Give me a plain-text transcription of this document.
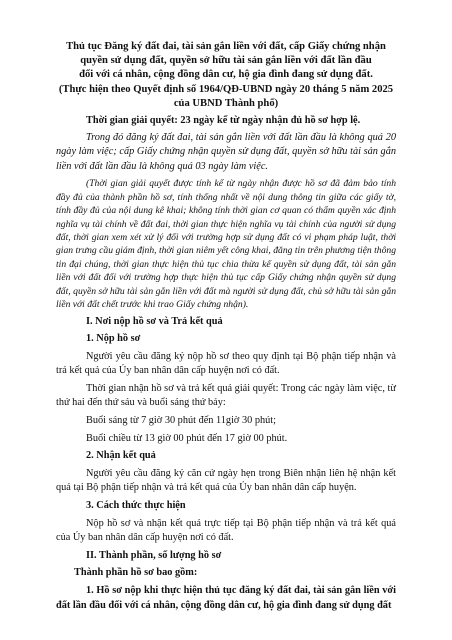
Thủ tục Đăng ký đất đai, tài sản gắn liền với đất, cấp Giấy chứng nhận
quyền sử dụng đất, quyền sở hữu tài sản gắn liền với đất lần đầu
đối với cá nhân, cộng đồng dân cư, hộ gia đình đang sử dụng đất.
(Thực hiện theo Quyết định số 1964/QĐ-UBND ngày 20 tháng 5 năm 2025
của UBND Thành phố)
Thời gian giải quyết: 23 ngày kể từ ngày nhận đủ hồ sơ hợp lệ.
Trong đó đăng ký đất đai, tài sản gắn liền với đất lần đầu là không quá 20 ngày làm việc; cấp Giấy chứng nhận quyền sử dụng đất, quyền sở hữu tài sản gắn liền với đất lần đầu là không quá 03 ngày làm việc.
(Thời gian giải quyết được tính kể từ ngày nhận được hồ sơ đã đảm bảo tính đầy đủ của thành phần hồ sơ, tính thống nhất về nội dung thông tin giữa các giấy tờ, tính đầy đủ của nội dung kê khai; không tính thời gian cơ quan có thẩm quyền xác định nghĩa vụ tài chính về đất đai, thời gian thực hiện nghĩa vụ tài chính của người sử dụng đất, thời gian xem xét xử lý đối với trường hợp sử dụng đất có vi phạm pháp luật, thời gian trưng cầu giám định, thời gian niêm yết công khai, đăng tin trên phương tiện thông tin đại chúng, thời gian thực hiện thủ tục chia thừa kế quyền sử dụng đất, tài sản gắn liền với đất đối với trường hợp thực hiện thủ tục cấp Giấy chứng nhận quyền sử dụng đất, quyền sở hữu tài sản gắn liền với đất mà người sử dụng đất, chủ sở hữu tài sản gắn liền với đất chết trước khi trao Giấy chứng nhận).
I. Nơi nộp hồ sơ và Trả kết quả
1. Nộp hồ sơ
Người yêu cầu đăng ký nộp hồ sơ theo quy định tại Bộ phận tiếp nhận và trả kết quả của Ủy ban nhân dân cấp huyện nơi có đất.
Thời gian nhận hồ sơ và trả kết quả giải quyết: Trong các ngày làm việc, từ thứ hai đến thứ sáu và buổi sáng thứ bảy:
Buổi sáng từ 7 giờ 30 phút đến 11giờ 30 phút;
Buổi chiều từ 13 giờ 00 phút đến 17 giờ 00 phút.
2. Nhận kết quả
Người yêu cầu đăng ký căn cứ ngày hẹn trong Biên nhận liên hệ nhận kết quả tại Bộ phận tiếp nhận và trả kết quả của Ủy ban nhân dân cấp huyện.
3. Cách thức thực hiện
Nộp hồ sơ và nhận kết quả trực tiếp tại Bộ phận tiếp nhận và trả kết quả của Ủy ban nhân dân cấp huyện nơi có đất.
II. Thành phần, số lượng hồ sơ
Thành phần hồ sơ bao gồm:
1. Hồ sơ nộp khi thực hiện thủ tục đăng ký đất đai, tài sản gắn liền với đất lần đầu đối với cá nhân, cộng đồng dân cư, hộ gia đình đang sử dụng đất
